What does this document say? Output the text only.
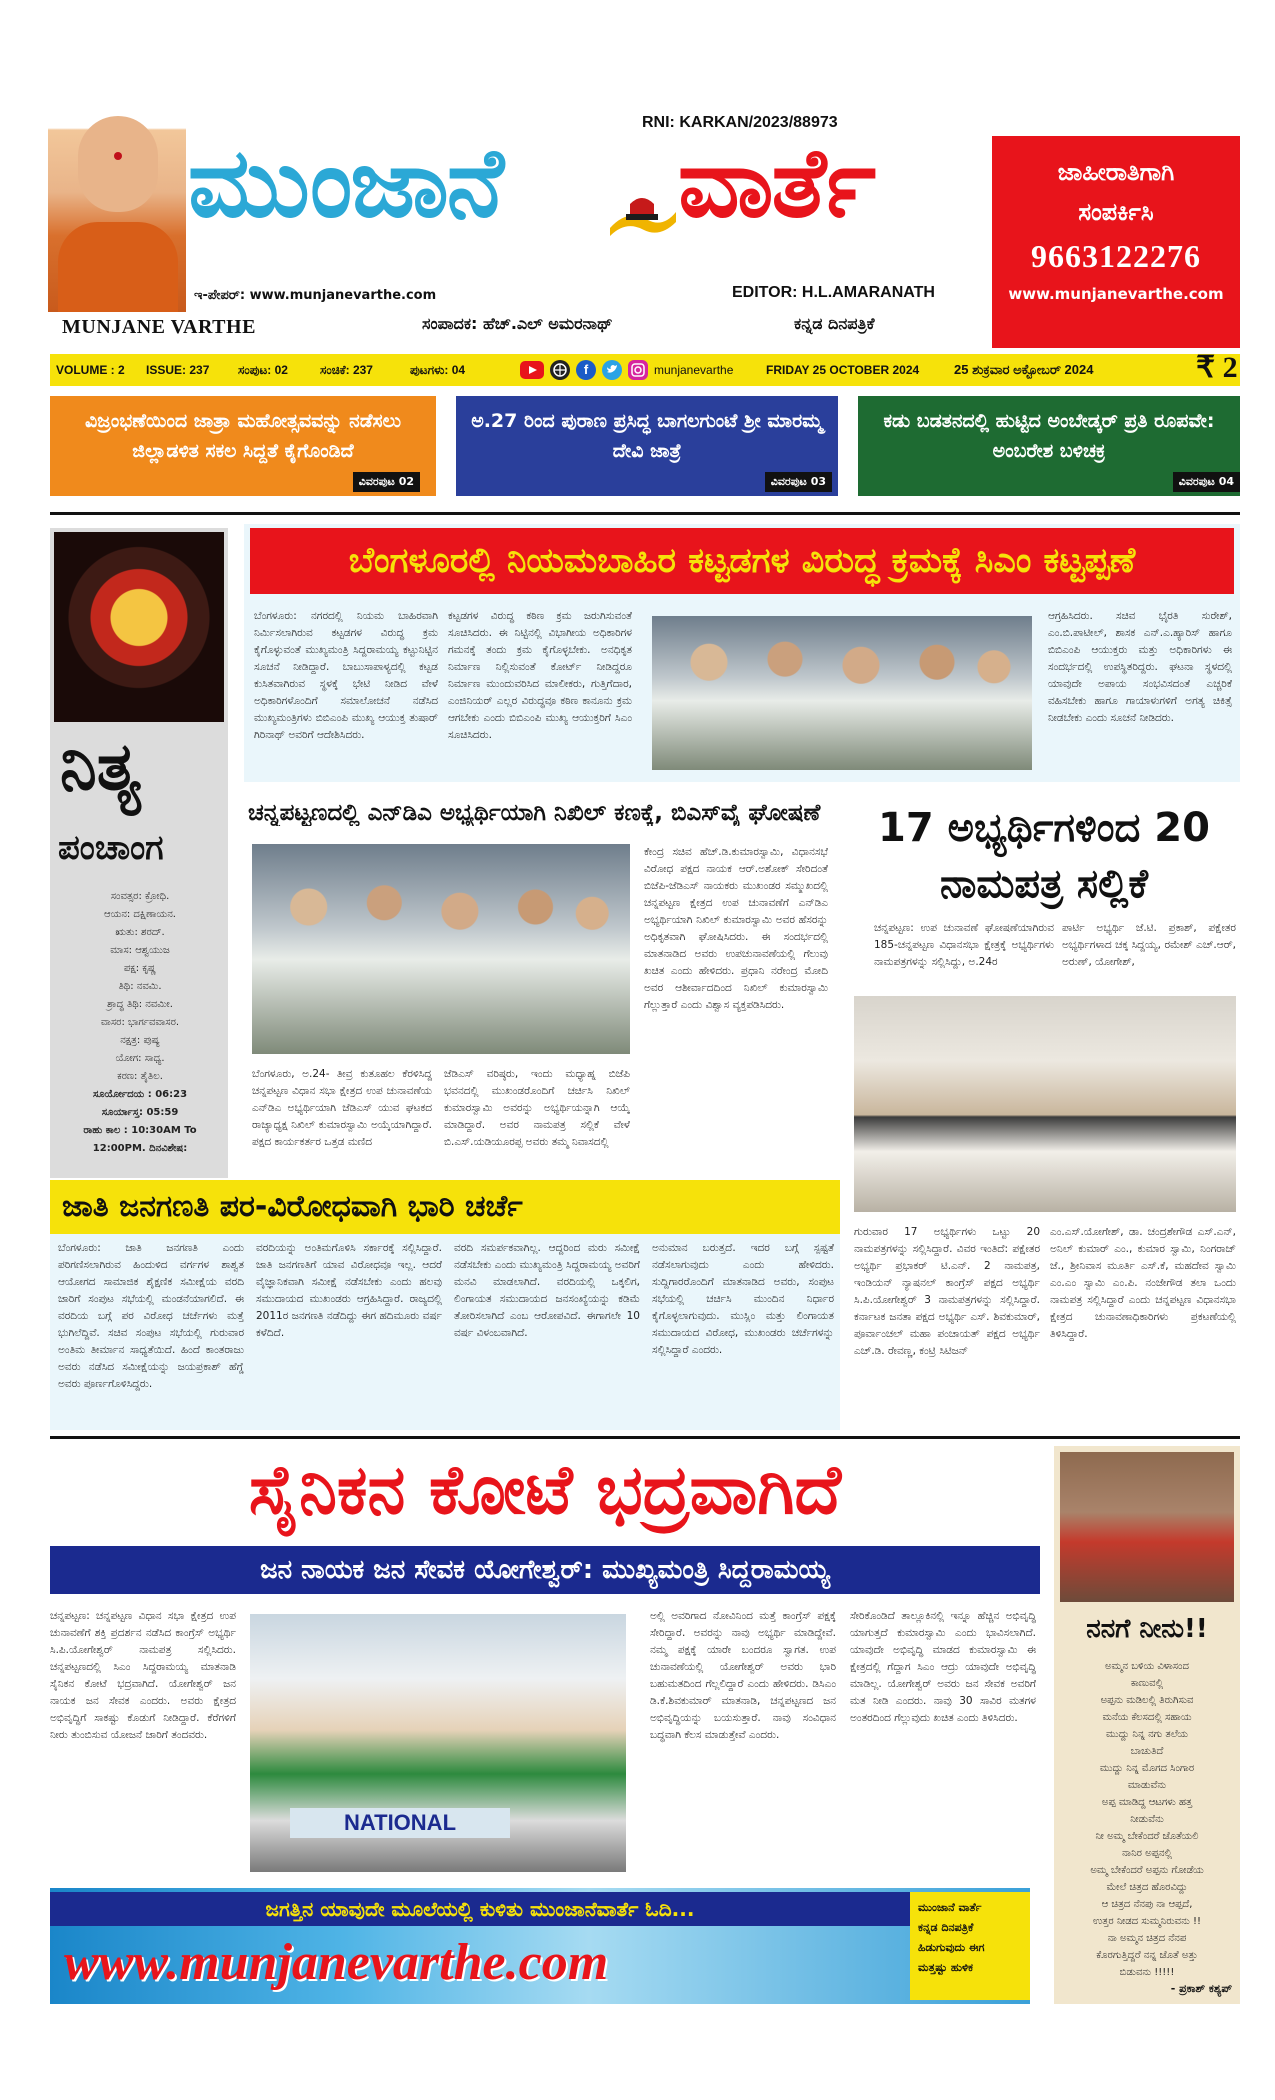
MUNJANE VARTHE
ಮುಂಜಾನೆ ವಾರ್ತೆ
RNI: KARKAN/2023/88973
ಇ-ಪೇಪರ್: www.munjanevarthe.com	EDITOR: H.L.AMARANATH
ಸಂಪಾದಕ: ಹೆಚ್.ಎಲ್ ಅಮರನಾಥ್	ಕನ್ನಡ ದಿನಪತ್ರಿಕೆ
ಜಾಹೀರಾತಿಗಾಗಿ
ಸಂಪರ್ಕಿಸಿ
9663122276
www.munjanevarthe.com
VOLUME : 2 ISSUE: 237 ಸಂಪುಟ: 02	ಸಂಚಿಕೆ: 237	ಪುಟಗಳು: 04	f	munjanevarthe	FRIDAY 25 OCTOBER 2024	25 ಶುಕ್ರವಾರ ಅಕ್ಟೋಬರ್ 2024	₹ 2
ವಿಜ್ರಂಭಣೆಯಿಂದ ಜಾತ್ರಾ ಮಹೋತ್ಸವವನ್ನು ನಡೆಸಲು ಜಿಲ್ಲಾಡಳಿತ ಸಕಲ ಸಿದ್ದತೆ ಕೈಗೊಂಡಿದೆ
ವಿವರಪುಟ 02
ಅ.27 ರಿಂದ ಪುರಾಣ ಪ್ರಸಿದ್ಧ ಬಾಗಲಗುಂಟೆ ಶ್ರೀ ಮಾರಮ್ಮ ದೇವಿ ಜಾತ್ರೆ
ವಿವರಪುಟ 03
ಕಡು ಬಡತನದಲ್ಲಿ ಹುಟ್ಟಿದ ಅಂಬೇಡ್ಕರ್ ಪ್ರತಿ ರೂಪವೇ: ಅಂಬರೇಶ ಬಳಿಚಕ್ರ
ವಿವರಪುಟ 04
ನಿತ್ಯ
ಪಂಚಾಂಗ
ಸಂವತ್ಸರ: ಕ್ರೋಧಿ.
ಆಯನ: ದಕ್ಷಿಣಾಯನ.
ಋತು: ಶರದ್.
ಮಾಸ: ಆಶ್ವಯುಜ
ಪಕ್ಷ: ಕೃಷ್ಣ
ತಿಥಿ: ನವಮಿ.
ಶ್ರಾದ್ಧ ತಿಥಿ: ನವಮೀ.
ವಾಸರ: ಭಾರ್ಗವವಾಸರ.
ನಕ್ಷತ್ರ: ಪುಷ್ಯ
ಯೋಗ: ಸಾಧ್ಯ.
ಕರಣ: ತೈತಿಲ.
ಸೂರ್ಯೋದಯ : 06:23
ಸೂರ್ಯಾಸ್ತ: 05:59
ರಾಹು ಕಾಲ : 10:30AM To 12:00PM. ದಿನವಿಶೇಷ:
ಬೆಂಗಳೂರಲ್ಲಿ ನಿಯಮಬಾಹಿರ ಕಟ್ಟಡಗಳ ವಿರುದ್ಧ ಕ್ರಮಕ್ಕೆ ಸಿಎಂ ಕಟ್ಟಪ್ಪಣೆ
ಬೆಂಗಳೂರು: ನಗರದಲ್ಲಿ ನಿಯಮ ಬಾಹಿರವಾಗಿ ನಿರ್ಮಿಸಲಾಗಿರುವ ಕಟ್ಟಡಗಳ ವಿರುದ್ಧ ಕ್ರಮ ಕೈಗೊಳ್ಳುವಂತೆ ಮುಖ್ಯಮಂತ್ರಿ ಸಿದ್ದರಾಮಯ್ಯ ಕಟ್ಟುನಿಟ್ಟಿನ ಸೂಚನೆ ನೀಡಿದ್ದಾರೆ. ಬಾಬುಸಾಪಾಳ್ಯದಲ್ಲಿ ಕಟ್ಟಡ ಕುಸಿತವಾಗಿರುವ ಸ್ಥಳಕ್ಕೆ ಭೇಟಿ ನೀಡಿದ ವೇಳೆ ಅಧಿಕಾರಿಗಳೊಂದಿಗೆ ಸಮಾಲೋಚನೆ ನಡೆಸಿದ ಮುಖ್ಯಮಂತ್ರಿಗಳು ಬಿಬಿಎಂಪಿ ಮುಖ್ಯ ಆಯುಕ್ತ ತುಷಾರ್ ಗಿರಿನಾಥ್ ಅವರಿಗೆ ಆದೇಶಿಸಿದರು.
ಕಟ್ಟಡಗಳ ವಿರುದ್ಧ ಕಠಿಣ ಕ್ರಮ ಜರುಗಿಸುವಂತೆ ಸೂಚಿಸಿದರು. ಈ ನಿಟ್ಟಿನಲ್ಲಿ ವಿಭಾಗೀಯ ಅಧಿಕಾರಿಗಳ ಗಮನಕ್ಕೆ ತಂದು ಕ್ರಮ ಕೈಗೊಳ್ಳಬೇಕು. ಅನಧಿಕೃತ ನಿರ್ಮಾಣ ನಿಲ್ಲಿಸುವಂತೆ ಕೋರ್ಟ್ ನೀಡಿದ್ದರೂ ನಿರ್ಮಾಣ ಮುಂದುವರಿಸಿದ ಮಾಲೀಕರು, ಗುತ್ತಿಗೆದಾರ, ಎಂಜಿನಿಯರ್ ಎಲ್ಲರ ವಿರುದ್ಧವೂ ಕಠಿಣ ಕಾನೂನು ಕ್ರಮ ಆಗಬೇಕು ಎಂದು ಬಿಬಿಎಂಪಿ ಮುಖ್ಯ ಆಯುಕ್ತರಿಗೆ ಸಿಎಂ ಸೂಚಿಸಿದರು.
ಆಗ್ರಹಿಸಿದರು. ಸಚಿವ ಭೈರತಿ ಸುರೇಶ್, ಎಂ.ಬಿ.ಪಾಟೀಲ್, ಶಾಸಕ ಎನ್.ಎ.ಹ್ಯಾರಿಸ್ ಹಾಗೂ ಬಿಬಿಎಂಪಿ ಆಯುಕ್ತರು ಮತ್ತು ಅಧಿಕಾರಿಗಳು ಈ ಸಂದರ್ಭದಲ್ಲಿ ಉಪಸ್ಥಿತರಿದ್ದರು. ಘಟನಾ ಸ್ಥಳದಲ್ಲಿ ಯಾವುದೇ ಅಪಾಯ ಸಂಭವಿಸದಂತೆ ಎಚ್ಚರಿಕೆ ವಹಿಸಬೇಕು ಹಾಗೂ ಗಾಯಾಳುಗಳಿಗೆ ಅಗತ್ಯ ಚಿಕಿತ್ಸೆ ನೀಡಬೇಕು ಎಂದು ಸೂಚನೆ ನೀಡಿದರು.
ಚನ್ನಪಟ್ಟಣದಲ್ಲಿ ಎನ್‌ಡಿಎ ಅಭ್ಯರ್ಥಿಯಾಗಿ ನಿಖಿಲ್ ಕಣಕ್ಕೆ, ಬಿಎಸ್‌ವೈ ಘೋಷಣೆ
ಕೇಂದ್ರ ಸಚಿವ ಹೆಚ್.ಡಿ.ಕುಮಾರಸ್ವಾಮಿ, ವಿಧಾನಸಭೆ ವಿರೋಧ ಪಕ್ಷದ ನಾಯಕ ಆರ್.ಅಶೋಕ್ ಸೇರಿದಂತೆ ಬಿಜೆಪಿ-ಜೆಡಿಎಸ್ ನಾಯಕರು ಮುಖಂಡರ ಸಮ್ಮುಖದಲ್ಲಿ ಚನ್ನಪಟ್ಟಣ ಕ್ಷೇತ್ರದ ಉಪ ಚುನಾವಣೆಗೆ ಎನ್‌ಡಿಎ ಅಭ್ಯರ್ಥಿಯಾಗಿ ನಿಖಿಲ್ ಕುಮಾರಸ್ವಾಮಿ ಅವರ ಹೆಸರನ್ನು ಅಧಿಕೃತವಾಗಿ ಘೋಷಿಸಿದರು. ಈ ಸಂದರ್ಭದಲ್ಲಿ ಮಾತನಾಡಿದ ಅವರು ಉಪಚುನಾವಣೆಯಲ್ಲಿ ಗೆಲುವು ಖಚಿತ ಎಂದು ಹೇಳಿದರು. ಪ್ರಧಾನಿ ನರೇಂದ್ರ ಮೋದಿ ಅವರ ಆಶೀರ್ವಾದದಿಂದ ನಿಖಿಲ್ ಕುಮಾರಸ್ವಾಮಿ ಗೆಲ್ಲುತ್ತಾರೆ ಎಂದು ವಿಶ್ವಾಸ ವ್ಯಕ್ತಪಡಿಸಿದರು.
ಬೆಂಗಳೂರು, ಅ.24- ತೀವ್ರ ಕುತೂಹಲ ಕೆರಳಿಸಿದ್ದ ಚನ್ನಪಟ್ಟಣ ವಿಧಾನ ಸಭಾ ಕ್ಷೇತ್ರದ ಉಪ ಚುನಾವಣೆಯ ಎನ್‌ಡಿಎ ಅಭ್ಯರ್ಥಿಯಾಗಿ ಜೆಡಿಎಸ್ ಯುವ ಘಟಕದ ರಾಜ್ಯಾಧ್ಯಕ್ಷ ನಿಖಿಲ್ ಕುಮಾರಸ್ವಾಮಿ ಅಯ್ಕೆಯಾಗಿದ್ದಾರೆ. ಪಕ್ಷದ ಕಾರ್ಯಕರ್ತರ ಒತ್ತಡ ಮಣಿದ
ಜೆಡಿಎಸ್ ವರಿಷ್ಠರು, ಇಂದು ಮಧ್ಯಾಹ್ನ ಬಿಜೆಪಿ ಭವನದಲ್ಲಿ ಮುಖಂಡರೊಂದಿಗೆ ಚರ್ಚಿಸಿ ನಿಖಿಲ್ ಕುಮಾರಸ್ವಾಮಿ ಅವರನ್ನು ಅಭ್ಯರ್ಥಿಯನ್ನಾಗಿ ಆಯ್ಕೆ ಮಾಡಿದ್ದಾರೆ. ಅವರ ನಾಮಪತ್ರ ಸಲ್ಲಿಕೆ ವೇಳೆ ಬಿ.ಎಸ್.ಯಡಿಯೂರಪ್ಪ ಅವರು ತಮ್ಮ ನಿವಾಸದಲ್ಲಿ
17 ಅಭ್ಯರ್ಥಿಗಳಿಂದ 20 ನಾಮಪತ್ರ ಸಲ್ಲಿಕೆ
ಚನ್ನಪಟ್ಟಣ: ಉಪ ಚುನಾವಣೆ ಘೋಷಣೆಯಾಗಿರುವ 185-ಚನ್ನಪಟ್ಟಣ ವಿಧಾನಸಭಾ ಕ್ಷೇತ್ರಕ್ಕೆ ಅಭ್ಯರ್ಥಿಗಳು ನಾಮಪತ್ರಗಳನ್ನು ಸಲ್ಲಿಸಿದ್ದು, ಅ.24ರ
ಪಾರ್ಟಿ ಅಭ್ಯರ್ಥಿ ಜೆ.ಟಿ. ಪ್ರಕಾಶ್, ಪಕ್ಷೇತರ ಅಭ್ಯರ್ಥಿಗಳಾದ ಚಕ್ಕ ಸಿದ್ದಯ್ಯ, ರಮೇಶ್ ಎಚ್.ಆರ್, ಅರುಣ್, ಯೋಗೇಶ್,
ಗುರುವಾರ 17 ಅಭ್ಯರ್ಥಿಗಳು ಒಟ್ಟು 20 ನಾಮಪತ್ರಗಳನ್ನು ಸಲ್ಲಿಸಿದ್ದಾರೆ. ವಿವರ ಇಂತಿದೆ: ಪಕ್ಷೇತರ ಅಭ್ಯರ್ಥಿ ಪ್ರಭಾಕರ್ ಟಿ.ಎನ್. 2 ನಾಮಪತ್ರ, ಇಂಡಿಯನ್ ನ್ಯಾಷನಲ್ ಕಾಂಗ್ರೆಸ್ ಪಕ್ಷದ ಅಭ್ಯರ್ಥಿ ಸಿ.ಪಿ.ಯೋಗೇಶ್ವರ್ 3 ನಾಮಪತ್ರಗಳನ್ನು ಸಲ್ಲಿಸಿದ್ದಾರೆ. ಕರ್ನಾಟಕ ಜನತಾ ಪಕ್ಷದ ಅಭ್ಯರ್ಥಿ ಎಸ್. ಶಿವಕುಮಾರ್, ಪೂರ್ವಾಂಚಲ್ ಮಹಾ ಪಂಚಾಯತ್ ಪಕ್ಷದ ಅಭ್ಯರ್ಥಿ ಎಚ್.ಡಿ. ರೇವಣ್ಣ, ಕಂಟ್ರಿ ಸಿಟಿಜನ್
ಎಂ.ಎಸ್.ಯೋಗೇಶ್, ಡಾ. ಚಂದ್ರಶೇಗೌಡ ಎಸ್.ಎನ್, ಅನಿಲ್ ಕುಮಾರ್ ಎಂ., ಕುಮಾರ ಸ್ವಾಮಿ, ನಿಂಗರಾಜ್ ಜೆ., ಶ್ರೀನಿವಾಸ ಮೂರ್ತಿ ಎಸ್.ಕೆ, ಮಹದೇವ ಸ್ವಾಮಿ ಎಂ.ಎಂ ಸ್ವಾಮಿ ಎಂ.ಪಿ. ನಂಜೇಗೌಡ ತಲಾ ಒಂದು ನಾಮಪತ್ರ ಸಲ್ಲಿಸಿದ್ದಾರೆ ಎಂದು ಚನ್ನಪಟ್ಟಣ ವಿಧಾನಸಭಾ ಕ್ಷೇತ್ರದ ಚುನಾವಣಾಧಿಕಾರಿಗಳು ಪ್ರಕಟಣೆಯಲ್ಲಿ ತಿಳಿಸಿದ್ದಾರೆ.
ಜಾತಿ ಜನಗಣತಿ ಪರ-ವಿರೋಧವಾಗಿ ಭಾರಿ ಚರ್ಚೆ
ಬೆಂಗಳೂರು: ಜಾತಿ ಜನಗಣತಿ ಎಂದು ಪರಿಗಣಿಸಲಾಗಿರುವ ಹಿಂದುಳಿದ ವರ್ಗಗಳ ಶಾಶ್ವತ ಆಯೋಗದ ಸಾಮಾಜಿಕ ಶೈಕ್ಷಣಿಕ ಸಮೀಕ್ಷೆಯ ವರದಿ ಜಾರಿಗೆ ಸಂಪುಟ ಸಭೆಯಲ್ಲಿ ಮಂಡನೆಯಾಗಲಿದೆ. ಈ ವರದಿಯ ಬಗ್ಗೆ ಪರ ವಿರೋಧ ಚರ್ಚೆಗಳು ಮತ್ತೆ ಭುಗಿಲೆದ್ದಿವೆ. ಸಚಿವ ಸಂಪುಟ ಸಭೆಯಲ್ಲಿ ಗುರುವಾರ ಅಂತಿಮ ತೀರ್ಮಾನ ಸಾಧ್ಯತೆಯಿದೆ. ಹಿಂದೆ ಕಾಂತರಾಜು ಅವರು ನಡೆಸಿದ ಸಮೀಕ್ಷೆಯನ್ನು ಜಯಪ್ರಕಾಶ್ ಹೆಗ್ಡೆ ಅವರು ಪೂರ್ಣಗೊಳಿಸಿದ್ದರು.
ವರದಿಯನ್ನು ಅಂತಿಮಗೊಳಿಸಿ ಸರ್ಕಾರಕ್ಕೆ ಸಲ್ಲಿಸಿದ್ದಾರೆ. ಜಾತಿ ಜನಗಣತಿಗೆ ಯಾವ ವಿರೋಧವೂ ಇಲ್ಲ. ಆದರೆ ವೈಜ್ಞಾನಿಕವಾಗಿ ಸಮೀಕ್ಷೆ ನಡೆಸಬೇಕು ಎಂದು ಹಲವು ಸಮುದಾಯದ ಮುಖಂಡರು ಆಗ್ರಹಿಸಿದ್ದಾರೆ. ರಾಜ್ಯದಲ್ಲಿ 2011ರ ಜನಗಣತಿ ನಡೆದಿದ್ದು ಈಗ ಹದಿಮೂರು ವರ್ಷ ಕಳೆದಿದೆ.
ವರದಿ ಸಮರ್ಪಕವಾಗಿಲ್ಲ. ಆದ್ದರಿಂದ ಮರು ಸಮೀಕ್ಷೆ ನಡೆಸಬೇಕು ಎಂದು ಮುಖ್ಯಮಂತ್ರಿ ಸಿದ್ದರಾಮಯ್ಯ ಅವರಿಗೆ ಮನವಿ ಮಾಡಲಾಗಿದೆ. ವರದಿಯಲ್ಲಿ ಒಕ್ಕಲಿಗ, ಲಿಂಗಾಯತ ಸಮುದಾಯದ ಜನಸಂಖ್ಯೆಯನ್ನು ಕಡಿಮೆ ತೋರಿಸಲಾಗಿದೆ ಎಂಬ ಆರೋಪವಿದೆ. ಈಗಾಗಲೇ 10 ವರ್ಷ ವಿಳಂಬವಾಗಿದೆ.
ಅನುಮಾನ ಬರುತ್ತದೆ. ಇದರ ಬಗ್ಗೆ ಸ್ಪಷ್ಟತೆ ನಡೆಸಲಾಗುವುದು ಎಂದು ಹೇಳಿದರು. ಸುದ್ದಿಗಾರರೊಂದಿಗೆ ಮಾತನಾಡಿದ ಅವರು, ಸಂಪುಟ ಸಭೆಯಲ್ಲಿ ಚರ್ಚಿಸಿ ಮುಂದಿನ ನಿರ್ಧಾರ ಕೈಗೊಳ್ಳಲಾಗುವುದು. ಮುಸ್ಲಿಂ ಮತ್ತು ಲಿಂಗಾಯತ ಸಮುದಾಯದ ವಿರೋಧ, ಮುಖಂಡರು ಚರ್ಚೆಗಳನ್ನು ಸಲ್ಲಿಸಿದ್ದಾರೆ ಎಂದರು.
ಸೈನಿಕನ ಕೋಟೆ ಭದ್ರವಾಗಿದೆ
ಜನ ನಾಯಕ ಜನ ಸೇವಕ ಯೋಗೇಶ್ವರ್: ಮುಖ್ಯಮಂತ್ರಿ ಸಿದ್ದರಾಮಯ್ಯ
ಚನ್ನಪಟ್ಟಣ: ಚನ್ನಪಟ್ಟಣ ವಿಧಾನ ಸಭಾ ಕ್ಷೇತ್ರದ ಉಪ ಚುನಾವಣೆಗೆ ಶಕ್ತಿ ಪ್ರದರ್ಶನ ನಡೆಸಿದ ಕಾಂಗ್ರೆಸ್ ಅಭ್ಯರ್ಥಿ ಸಿ.ಪಿ.ಯೋಗೇಶ್ವರ್ ನಾಮಪತ್ರ ಸಲ್ಲಿಸಿದರು. ಚನ್ನಪಟ್ಟಣದಲ್ಲಿ ಸಿಎಂ ಸಿದ್ದರಾಮಯ್ಯ ಮಾತನಾಡಿ ಸೈನಿಕನ ಕೋಟೆ ಭದ್ರವಾಗಿದೆ. ಯೋಗೇಶ್ವರ್ ಜನ ನಾಯಕ ಜನ ಸೇವಕ ಎಂದರು. ಅವರು ಕ್ಷೇತ್ರದ ಅಭಿವೃದ್ಧಿಗೆ ಸಾಕಷ್ಟು ಕೊಡುಗೆ ನೀಡಿದ್ದಾರೆ. ಕೆರೆಗಳಿಗೆ ನೀರು ತುಂಬಿಸುವ ಯೋಜನೆ ಜಾರಿಗೆ ತಂದವರು.
NATIONAL
ಅಲ್ಲಿ ಅವರಿಗಾದ ನೋವಿನಿಂದ ಮತ್ತೆ ಕಾಂಗ್ರೆಸ್ ಪಕ್ಷಕ್ಕೆ ಸೇರಿದ್ದಾರೆ. ಅವರನ್ನು ನಾವು ಅಭ್ಯರ್ಥಿ ಮಾಡಿದ್ದೇವೆ. ನಮ್ಮ ಪಕ್ಷಕ್ಕೆ ಯಾರೇ ಬಂದರೂ ಸ್ವಾಗತ. ಉಪ ಚುನಾವಣೆಯಲ್ಲಿ ಯೋಗೇಶ್ವರ್ ಅವರು ಭಾರಿ ಬಹುಮತದಿಂದ ಗೆಲ್ಲಲಿದ್ದಾರೆ ಎಂದು ಹೇಳಿದರು. ಡಿಸಿಎಂ ಡಿ.ಕೆ.ಶಿವಕುಮಾರ್ ಮಾತನಾಡಿ, ಚನ್ನಪಟ್ಟಣದ ಜನ ಅಭಿವೃದ್ಧಿಯನ್ನು ಬಯಸುತ್ತಾರೆ. ನಾವು ಸಂವಿಧಾನ ಬದ್ಧವಾಗಿ ಕೆಲಸ ಮಾಡುತ್ತೇವೆ ಎಂದರು.
ಸೇರಿಕೊಂಡಿದೆ ತಾಲ್ಲೂಕಿನಲ್ಲಿ ಇನ್ನೂ ಹೆಚ್ಚಿನ ಅಭಿವೃದ್ಧಿ ಯಾಗುತ್ತದೆ ಕುಮಾರಸ್ವಾಮಿ ಎಂದು ಭಾವಿಸಲಾಗಿದೆ. ಯಾವುದೇ ಅಭಿವೃದ್ಧಿ ಮಾಡದ ಕುಮಾರಸ್ವಾಮಿ ಈ ಕ್ಷೇತ್ರದಲ್ಲಿ ಗೆದ್ದಾಗ ಸಿಎಂ ಆದ್ರು ಯಾವುದೇ ಅಭಿವೃದ್ಧಿ ಮಾಡಿಲ್ಲ. ಯೋಗೇಶ್ವರ್ ಅವರು ಜನ ಸೇವಕ ಅವರಿಗೆ ಮತ ನೀಡಿ ಎಂದರು. ನಾವು 30 ಸಾವಿರ ಮತಗಳ ಅಂತರದಿಂದ ಗೆಲ್ಲುವುದು ಖಚಿತ ಎಂದು ತಿಳಿಸಿದರು.
ನನಗೆ ನೀನು!!
ಅಮ್ಮನ ಬಳಿಯ ವಿಳಾಸಂದ
ಕಾಣುವಲ್ಲಿ
ಅಪ್ಪನು ಮಡಿಲಲ್ಲಿ ತಿರುಗಿಸುವ
ಮನೆಯ ಕೆಲಸದಲ್ಲಿ ಸಹಾಯ
ಮುದ್ದು ನಿನ್ನ ನಗು ತಲೆಯ
ಬಾಚುತಿದೆ
ಮುದ್ದು ನಿನ್ನ ಮೊಗದ ಸಿಂಗಾರ
ಮಾಡುವೆನು
ಅಪ್ಪ ಮಾಡಿದ್ದ ಆಟಗಳು ಹತ್ತ
ನೀಡುವೆನು
ನೀ ಅಮ್ಮ ಬೇಕೆಂದರೆ ಜೊತೆಯಲಿ
ನಾನಿರ ಅಪ್ಪನಲ್ಲಿ
ಅಮ್ಮ ಬೇಕೆಂದರೆ ಅಪ್ಪನು ಗೋಡೆಯ
ಮೇಲೆ ಚಿತ್ರದ ಹೊರವಿದ್ದು
ಆ ಚಿತ್ರದ ನೆನಪು ನಾ ಆಪ್ಪದೆ,
ಉತ್ತರ ನೀಡದ ಸುಮ್ಮನಿರುವನು !!
ನಾ ಅಮ್ಮನ ಚಿತ್ರದ ನೆನಪ
ಕೊರಗುತ್ತಿದ್ದರೆ ನನ್ನ ಜೊತೆ ಅತ್ತು
ಬಿಡುವನು !!!!!
- ಪ್ರಕಾಶ್ ಕಶ್ಯಪ್
ಜಗತ್ತಿನ ಯಾವುದೇ ಮೂಲೆಯಲ್ಲಿ ಕುಳಿತು ಮುಂಜಾನೆವಾರ್ತೆ ಓದಿ...
www.munjanevarthe.com
ಮುಂಜಾನೆ ವಾರ್ತೆ
ಕನ್ನಡ ದಿನಪತ್ರಿಕೆ
ಹಿಡುಗುವುದು ಈಗ
ಮತ್ತಷ್ಟು ಹುಳಿಕ
